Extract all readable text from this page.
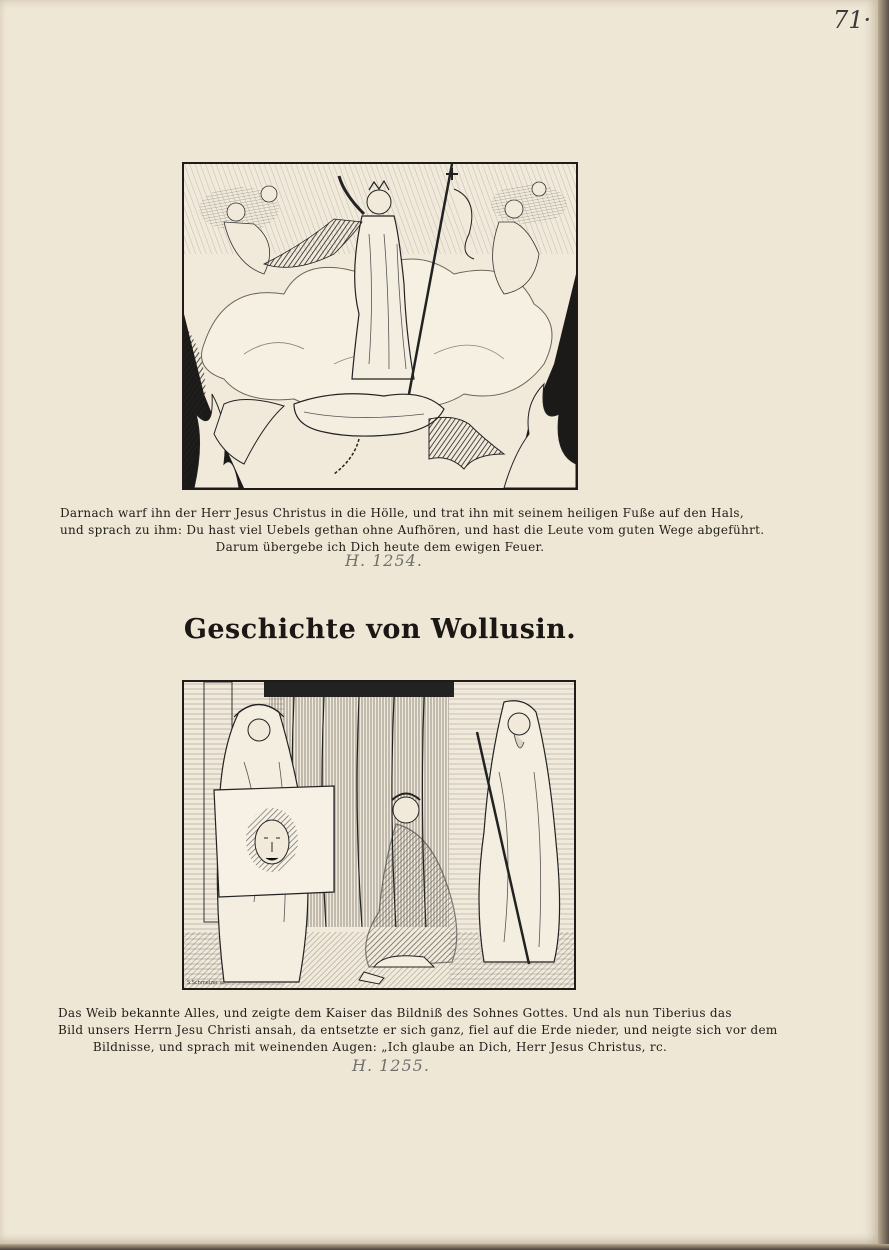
71·
Darnach warf ihn der Herr Jesus Christus in die Hölle, und trat ihn mit seinem heiligen Fuße auf den Hals,
und sprach zu ihm: Du hast viel Uebels gethan ohne Aufhören, und hast die Leute vom guten Wege abgeführt.
Darum übergebe ich Dich heute dem ewigen Feuer.
H. 1254.
Geschichte von Wollusin.
S.Schmelzer sc.
Das Weib bekannte Alles, und zeigte dem Kaiser das Bildniß des Sohnes Gottes. Und als nun Tiberius das
Bild unsers Herrn Jesu Christi ansah, da entsetzte er sich ganz, fiel auf die Erde nieder, und neigte sich vor dem
Bildnisse, und sprach mit weinenden Augen: „Ich glaube an Dich, Herr Jesus Christus, rc.
H. 1255.
